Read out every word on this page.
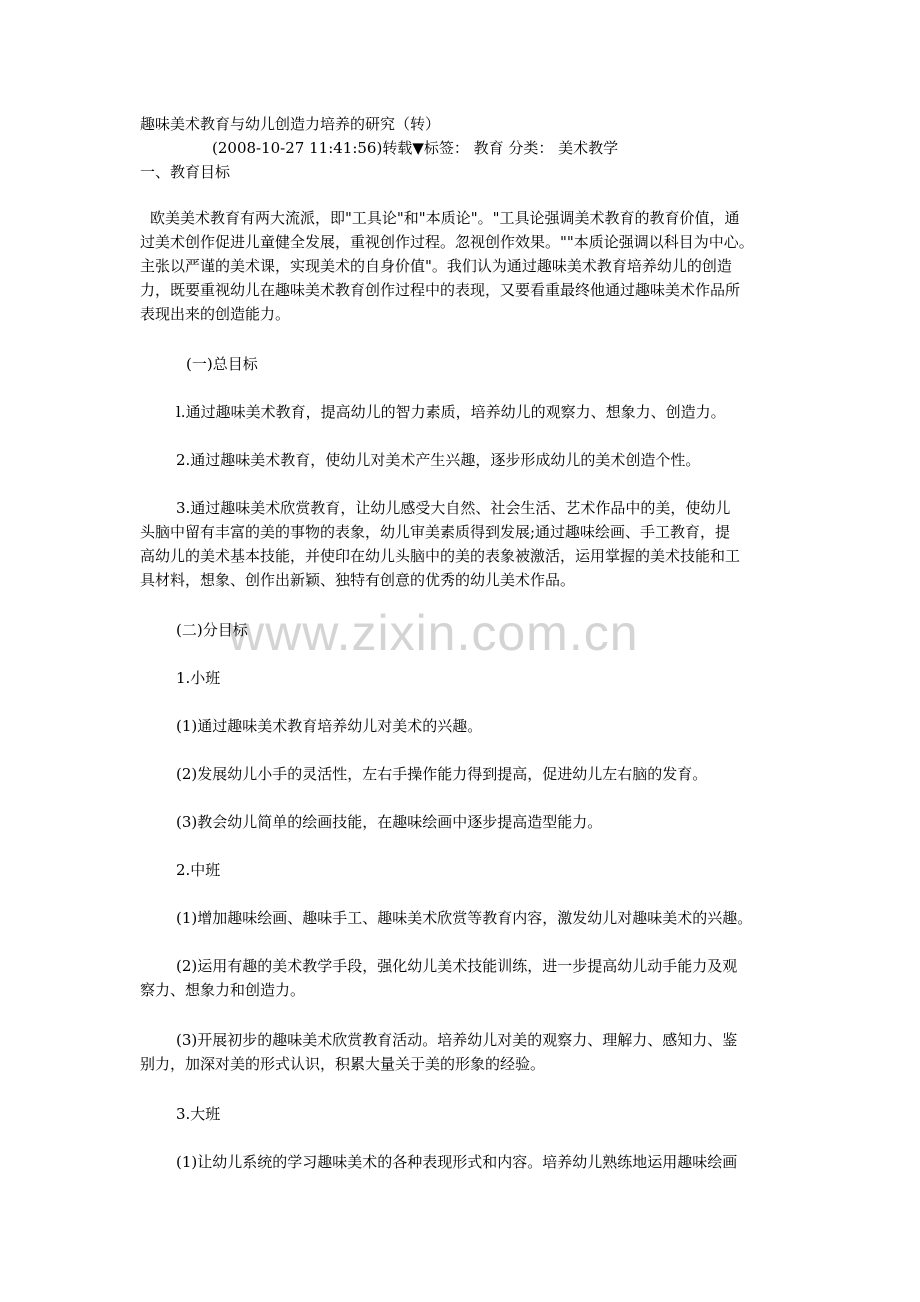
www.zixin.com.cn
趣味美术教育与幼儿创造力培养的研究（转）
(2008-10-27 11:41:56)转载▼标签： 教育 分类： 美术教学
一、教育目标
欧美美术教育有两大流派，即"工具论"和"本质论"。"工具论强调美术教育的教育价值，通
过美术创作促进儿童健全发展，重视创作过程。忽视创作效果。""本质论强调以科目为中心。
主张以严谨的美术课，实现美术的自身价值"。我们认为通过趣味美术教育培养幼儿的创造
力，既要重视幼儿在趣味美术教育创作过程中的表现，又要看重最终他通过趣味美术作品所
表现出来的创造能力。
(一)总目标
l.通过趣味美术教育，提高幼儿的智力素质，培养幼儿的观察力、想象力、创造力。
2.通过趣味美术教育，使幼儿对美术产生兴趣，逐步形成幼儿的美术创造个性。
3.通过趣味美术欣赏教育，让幼儿感受大自然、社会生活、艺术作品中的美，使幼儿
头脑中留有丰富的美的事物的表象，幼儿审美素质得到发展;通过趣味绘画、手工教育，提
高幼儿的美术基本技能，并使印在幼儿头脑中的美的表象被激活，运用掌握的美术技能和工
具材料，想象、创作出新颖、独特有创意的优秀的幼儿美术作品。
(二)分目标
1.小班
(1)通过趣味美术教育培养幼儿对美术的兴趣。
(2)发展幼儿小手的灵活性，左右手操作能力得到提高，促进幼儿左右脑的发育。
(3)教会幼儿简单的绘画技能，在趣味绘画中逐步提高造型能力。
2.中班
(1)增加趣味绘画、趣味手工、趣味美术欣赏等教育内容，激发幼儿对趣味美术的兴趣。
(2)运用有趣的美术教学手段，强化幼儿美术技能训练，进一步提高幼儿动手能力及观
察力、想象力和创造力。
(3)开展初步的趣味美术欣赏教育活动。培养幼儿对美的观察力、理解力、感知力、鉴
别力，加深对美的形式认识，积累大量关于美的形象的经验。
3.大班
(1)让幼儿系统的学习趣味美术的各种表现形式和内容。培养幼儿熟练地运用趣味绘画
